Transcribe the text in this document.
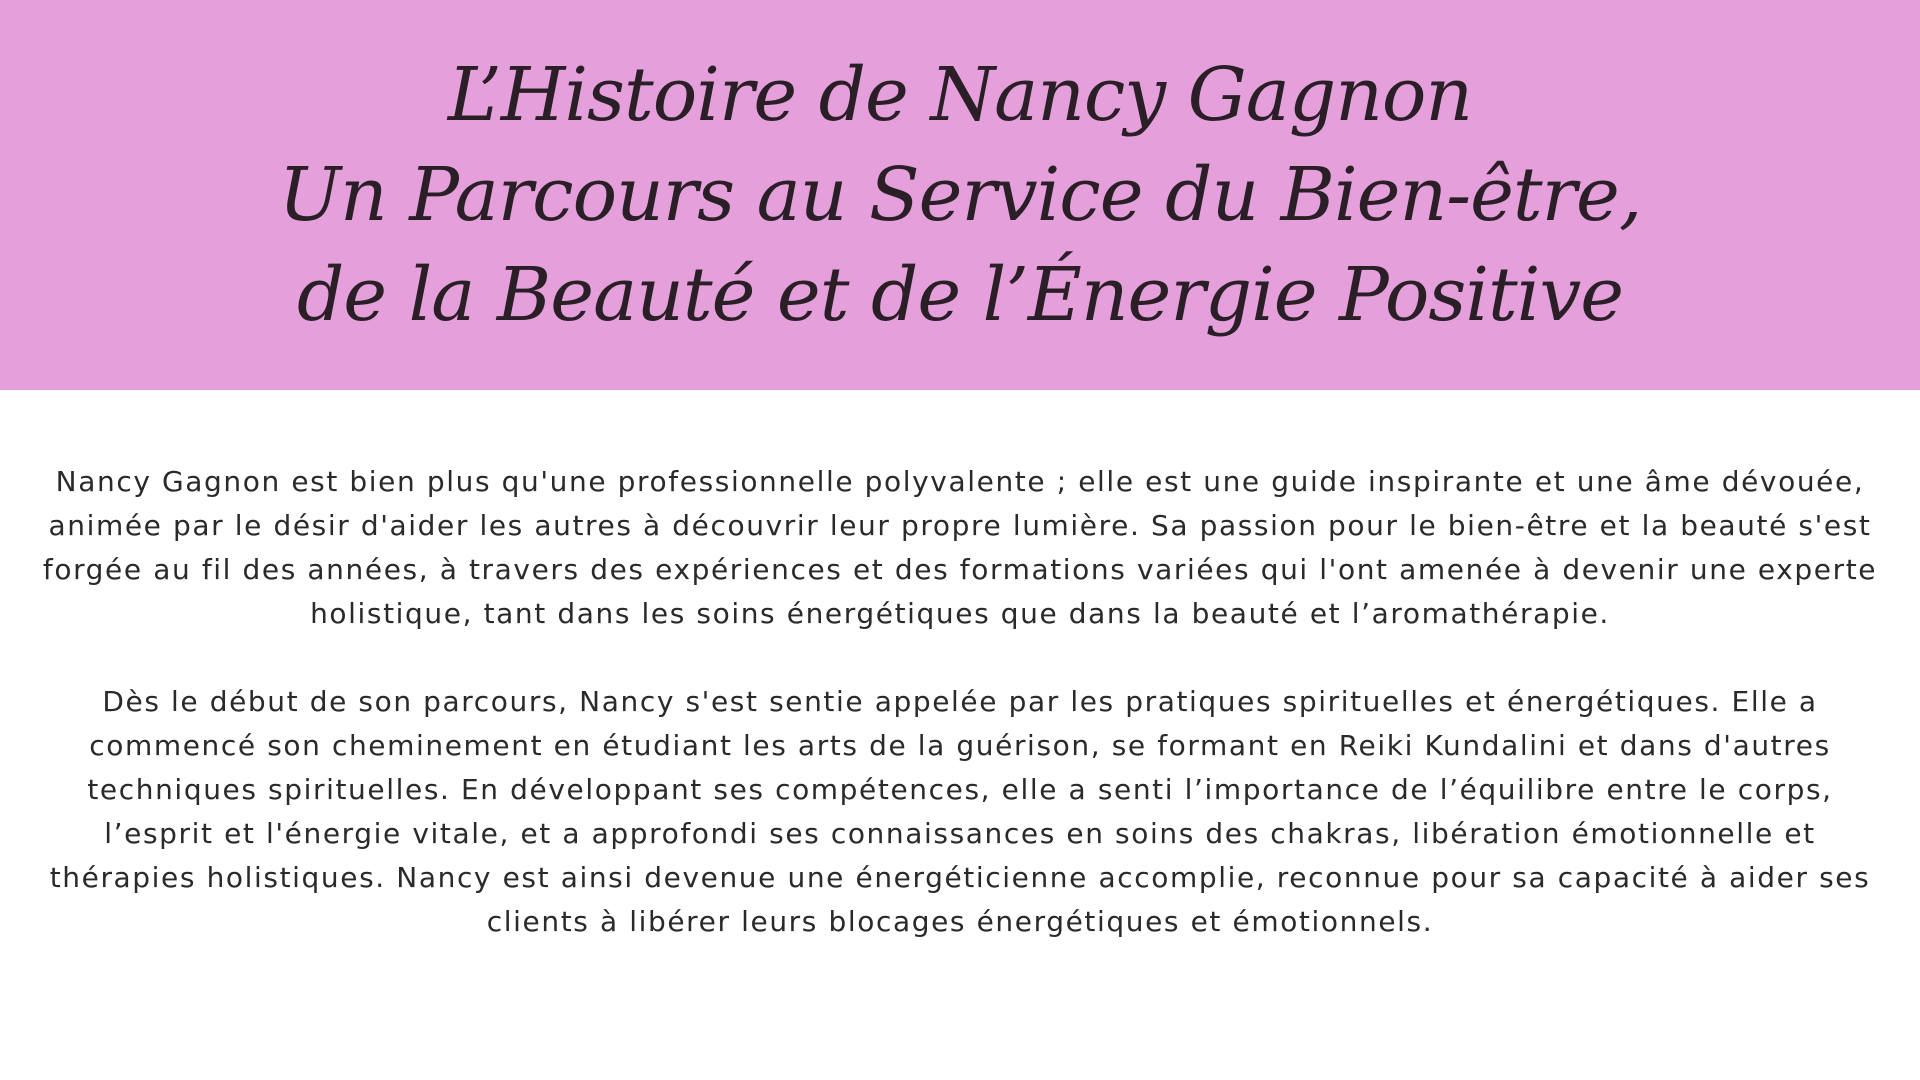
L’Histoire de Nancy Gagnon
Un Parcours au Service du Bien-être,
de la Beauté et de l’Énergie Positive

Nancy Gagnon est bien plus qu'une professionnelle polyvalente ; elle est une guide inspirante et une âme dévouée, animée par le désir d'aider les autres à découvrir leur propre lumière. Sa passion pour le bien-être et la beauté s'est forgée au fil des années, à travers des expériences et des formations variées qui l'ont amenée à devenir une experte holistique, tant dans les soins énergétiques que dans la beauté et l’aromathérapie.

Dès le début de son parcours, Nancy s'est sentie appelée par les pratiques spirituelles et énergétiques. Elle a commencé son cheminement en étudiant les arts de la guérison, se formant en Reiki Kundalini et dans d'autres techniques spirituelles. En développant ses compétences, elle a senti l’importance de l’équilibre entre le corps, l’esprit et l'énergie vitale, et a approfondi ses connaissances en soins des chakras, libération émotionnelle et thérapies holistiques. Nancy est ainsi devenue une énergéticienne accomplie, reconnue pour sa capacité à aider ses clients à libérer leurs blocages énergétiques et émotionnels.
